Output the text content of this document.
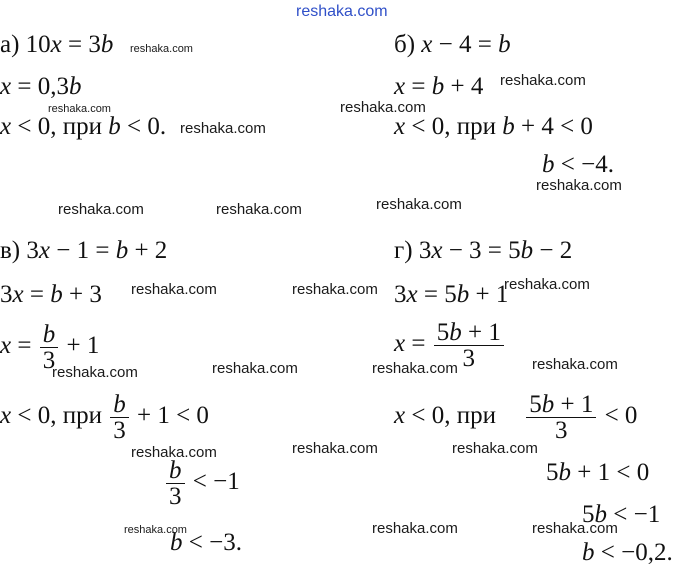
reshaka.com
reshaka.com
reshaka.com
reshaka.com
reshaka.com
reshaka.com
reshaka.com
reshaka.com	reshaka.com	reshaka.com
reshaka.com	reshaka.com	reshaka.com
reshaka.com	reshaka.com	reshaka.com	reshaka.com
reshaka.com	reshaka.com	reshaka.com
reshaka.com	reshaka.com	reshaka.com
а) 10x = 3b
x = 0,3b
x < 0, при b < 0.
б) x − 4 = b
x = b + 4
x < 0, при b + 4 < 0
b < −4.
в) 3x − 1 = b + 2
3x = b + 3
$x = \frac{b}{3} + 1$
x < 0, при $\frac{b}{3} + 1 < 0$
$\frac{b}{3} < -1$
b < −3.
г) 3x − 3 = 5b − 2
3x = 5b + 1
$x = \frac{5b + 1}{3}$
x < 0, при $\frac{5b + 1}{3} < 0$
5b + 1 < 0
5b < −1
b < −0,2.
